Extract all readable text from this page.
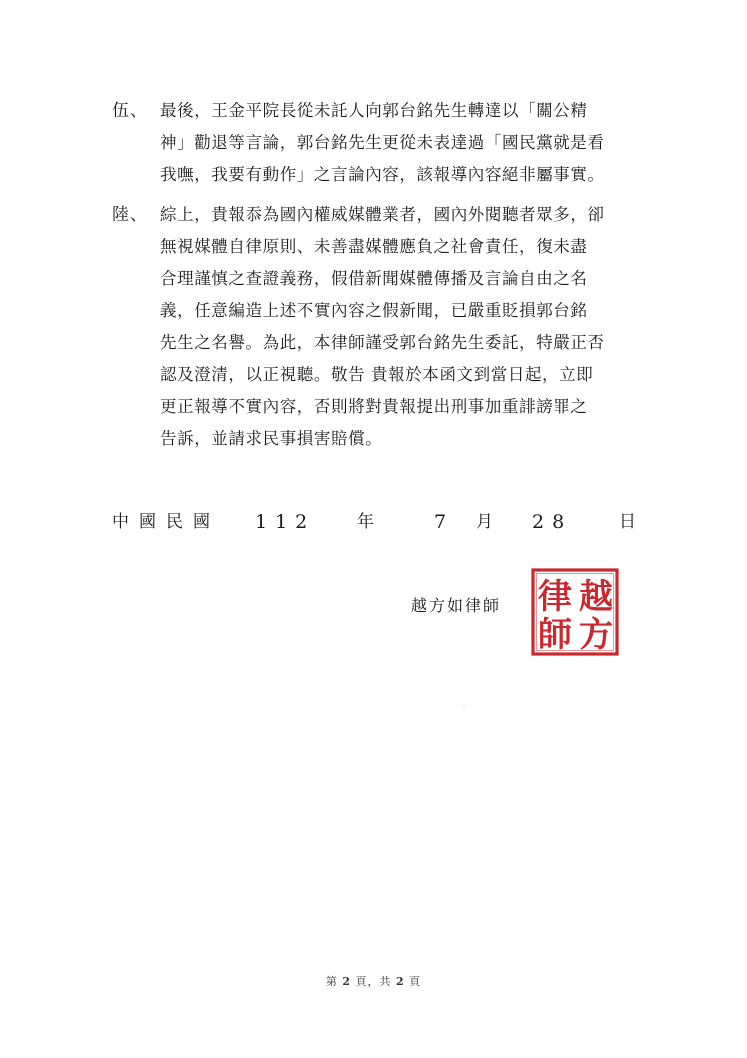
伍、 最後，王金平院長從未託人向郭台銘先生轉達以「關公精
神」勸退等言論，郭台銘先生更從未表達過「國民黨就是看
我嘸，我要有動作」之言論內容，該報導內容絕非屬事實。
陸、 綜上，貴報忝為國內權威媒體業者，國內外閱聽者眾多，卻
無視媒體自律原則、未善盡媒體應負之社會責任，復未盡
合理謹慎之查證義務，假借新聞媒體傳播及言論自由之名
義，任意編造上述不實內容之假新聞，已嚴重貶損郭台銘
先生之名譽。為此，本律師謹受郭台銘先生委託，特嚴正否
認及澄清，以正視聽。敬告 貴報於本函文到當日起，立即
更正報導不實內容，否則將對貴報提出刑事加重誹謗罪之
告訴，並請求民事損害賠償。
中國民國 112 年	7 月 28	日
越方如律師 越
方
律
師
第 2 頁，共 2 頁
